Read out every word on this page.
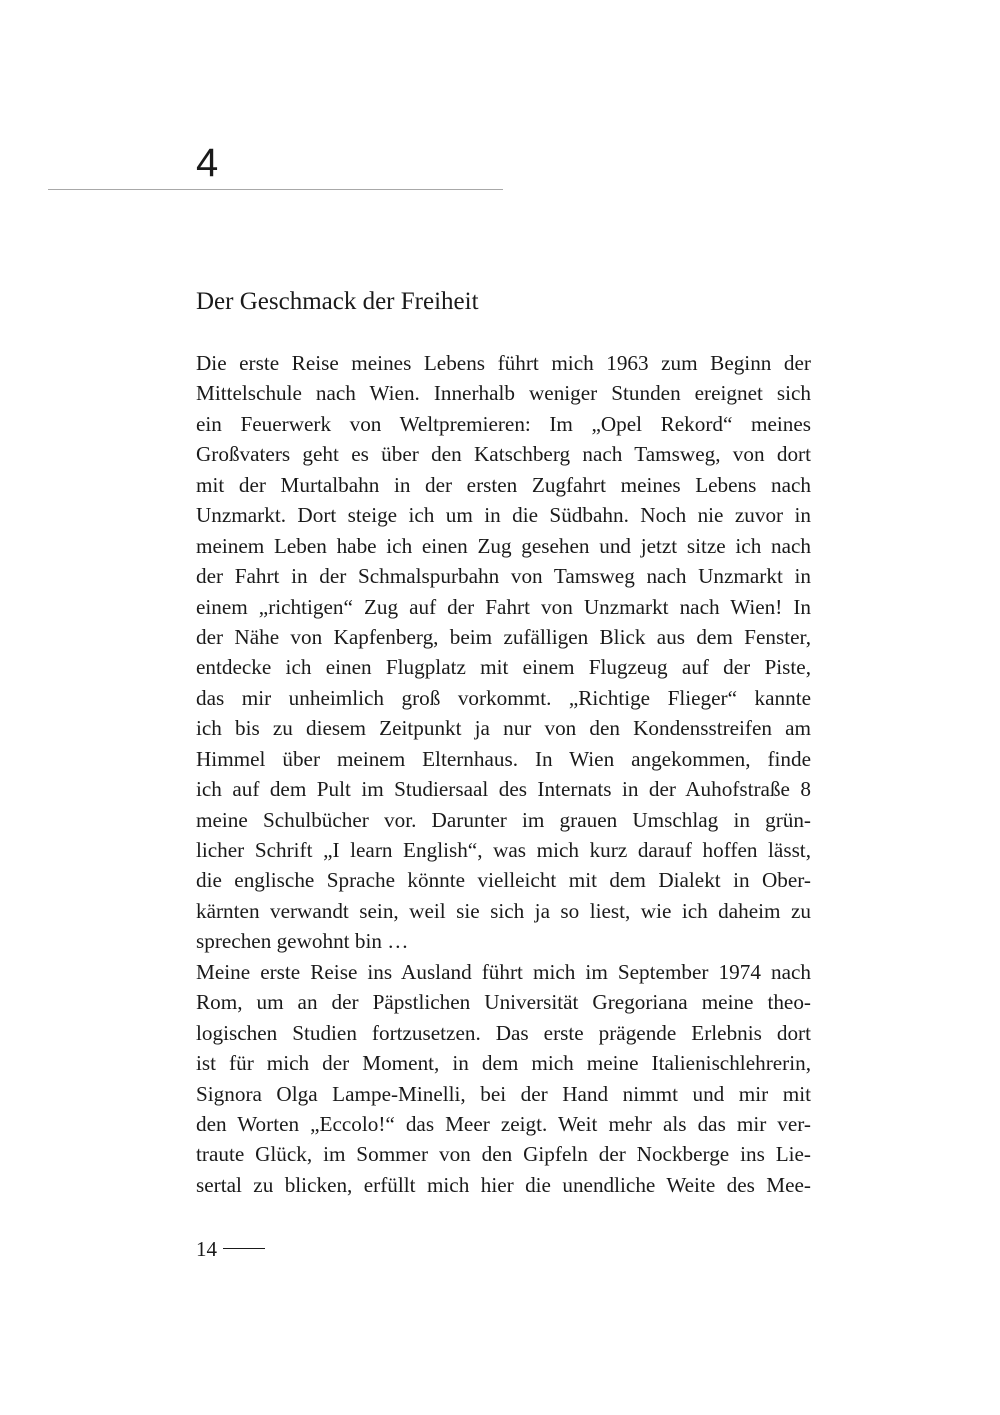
4
Der Geschmack der Freiheit
Die erste Reise meines Lebens führt mich 1963 zum Beginn der
Mittelschule nach Wien. Innerhalb weniger Stunden ereignet sich
ein Feuerwerk von Weltpremieren: Im „Opel Rekord“ meines
Großvaters geht es über den Katschberg nach Tamsweg, von dort
mit der Murtalbahn in der ersten Zugfahrt meines Lebens nach
Unzmarkt. Dort steige ich um in die Südbahn. Noch nie zuvor in
meinem Leben habe ich einen Zug gesehen und jetzt sitze ich nach
der Fahrt in der Schmalspurbahn von Tamsweg nach Unzmarkt in
einem „richtigen“ Zug auf der Fahrt von Unzmarkt nach Wien! In
der Nähe von Kapfenberg, beim zufälligen Blick aus dem Fenster,
entdecke ich einen Flugplatz mit einem Flugzeug auf der Piste,
das mir unheimlich groß vorkommt. „Richtige Flieger“ kannte
ich bis zu diesem Zeitpunkt ja nur von den Kondensstreifen am
Himmel über meinem Elternhaus. In Wien angekommen, finde
ich auf dem Pult im Studiersaal des Internats in der Auhofstraße 8
meine Schulbücher vor. Darunter im grauen Umschlag in grün-
licher Schrift „I learn English“, was mich kurz darauf hoffen lässt,
die englische Sprache könnte vielleicht mit dem Dialekt in Ober-
kärnten verwandt sein, weil sie sich ja so liest, wie ich daheim zu
sprechen gewohnt bin …
Meine erste Reise ins Ausland führt mich im September 1974 nach
Rom, um an der Päpstlichen Universität Gregoriana meine theo-
logischen Studien fortzusetzen. Das erste prägende Erlebnis dort
ist für mich der Moment, in dem mich meine Italienischlehrerin,
Signora Olga Lampe-Minelli, bei der Hand nimmt und mir mit
den Worten „Eccolo!“ das Meer zeigt. Weit mehr als das mir ver-
traute Glück, im Sommer von den Gipfeln der Nockberge ins Lie-
sertal zu blicken, erfüllt mich hier die unendliche Weite des Mee-
14
